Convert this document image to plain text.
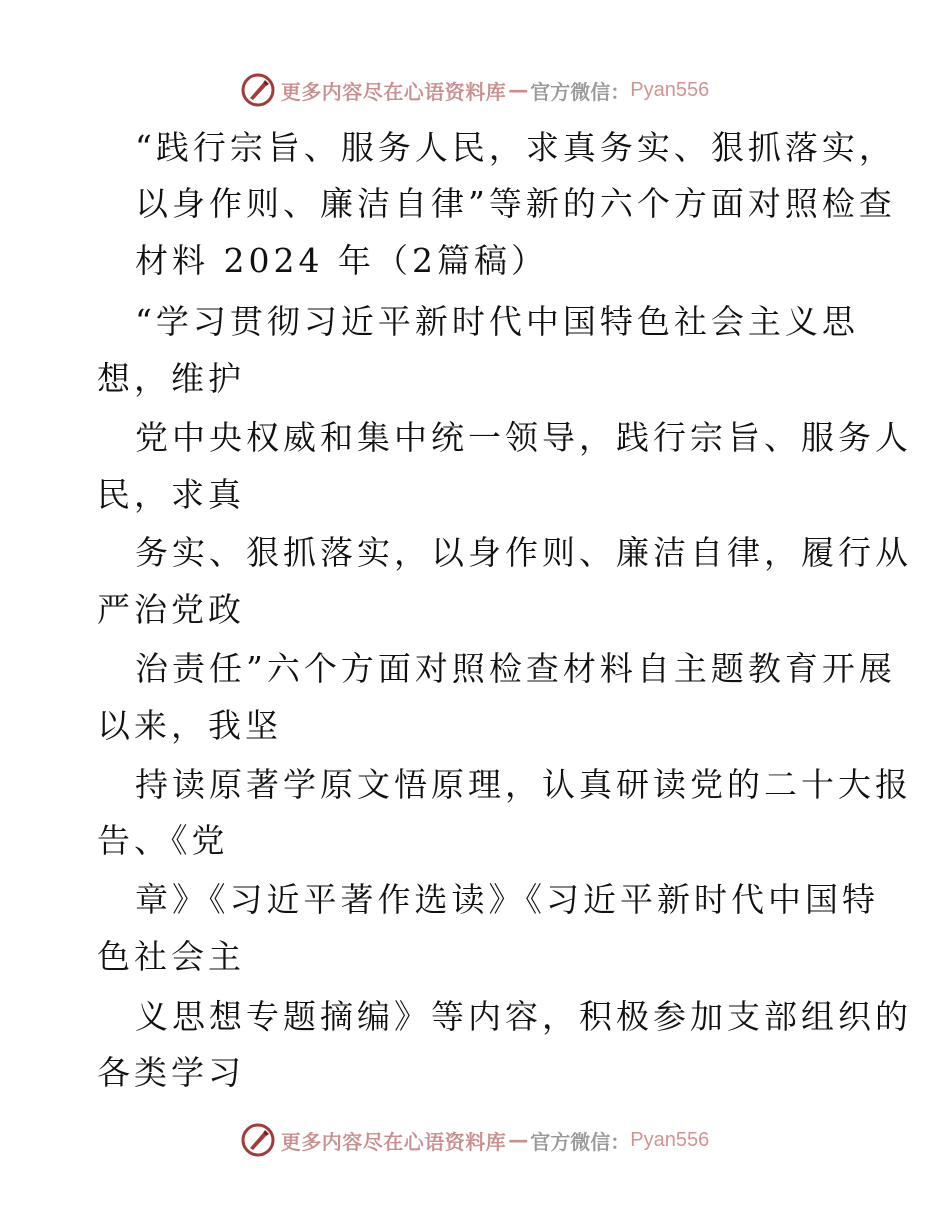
更多内容尽在心语资料库 — 官方微信： Pyan556
“践行宗旨、服务人民，求真务实、狠抓落实，
以身作则、廉洁自律”等新的六个方面对照检查
材料 2024 年（2篇稿）
“学习贯彻习近平新时代中国特色社会主义思
想，维护
党中央权威和集中统一领导，践行宗旨、服务人
民，求真
务实、狠抓落实，以身作则、廉洁自律，履行从
严治党政
治责任”六个方面对照检查材料自主题教育开展
以来，我坚
持读原著学原文悟原理，认真研读党的二十大报
告、《党
章》《习近平著作选读》《习近平新时代中国特
色社会主
义思想专题摘编》等内容，积极参加支部组织的
各类学习
更多内容尽在心语资料库 — 官方微信： Pyan556
